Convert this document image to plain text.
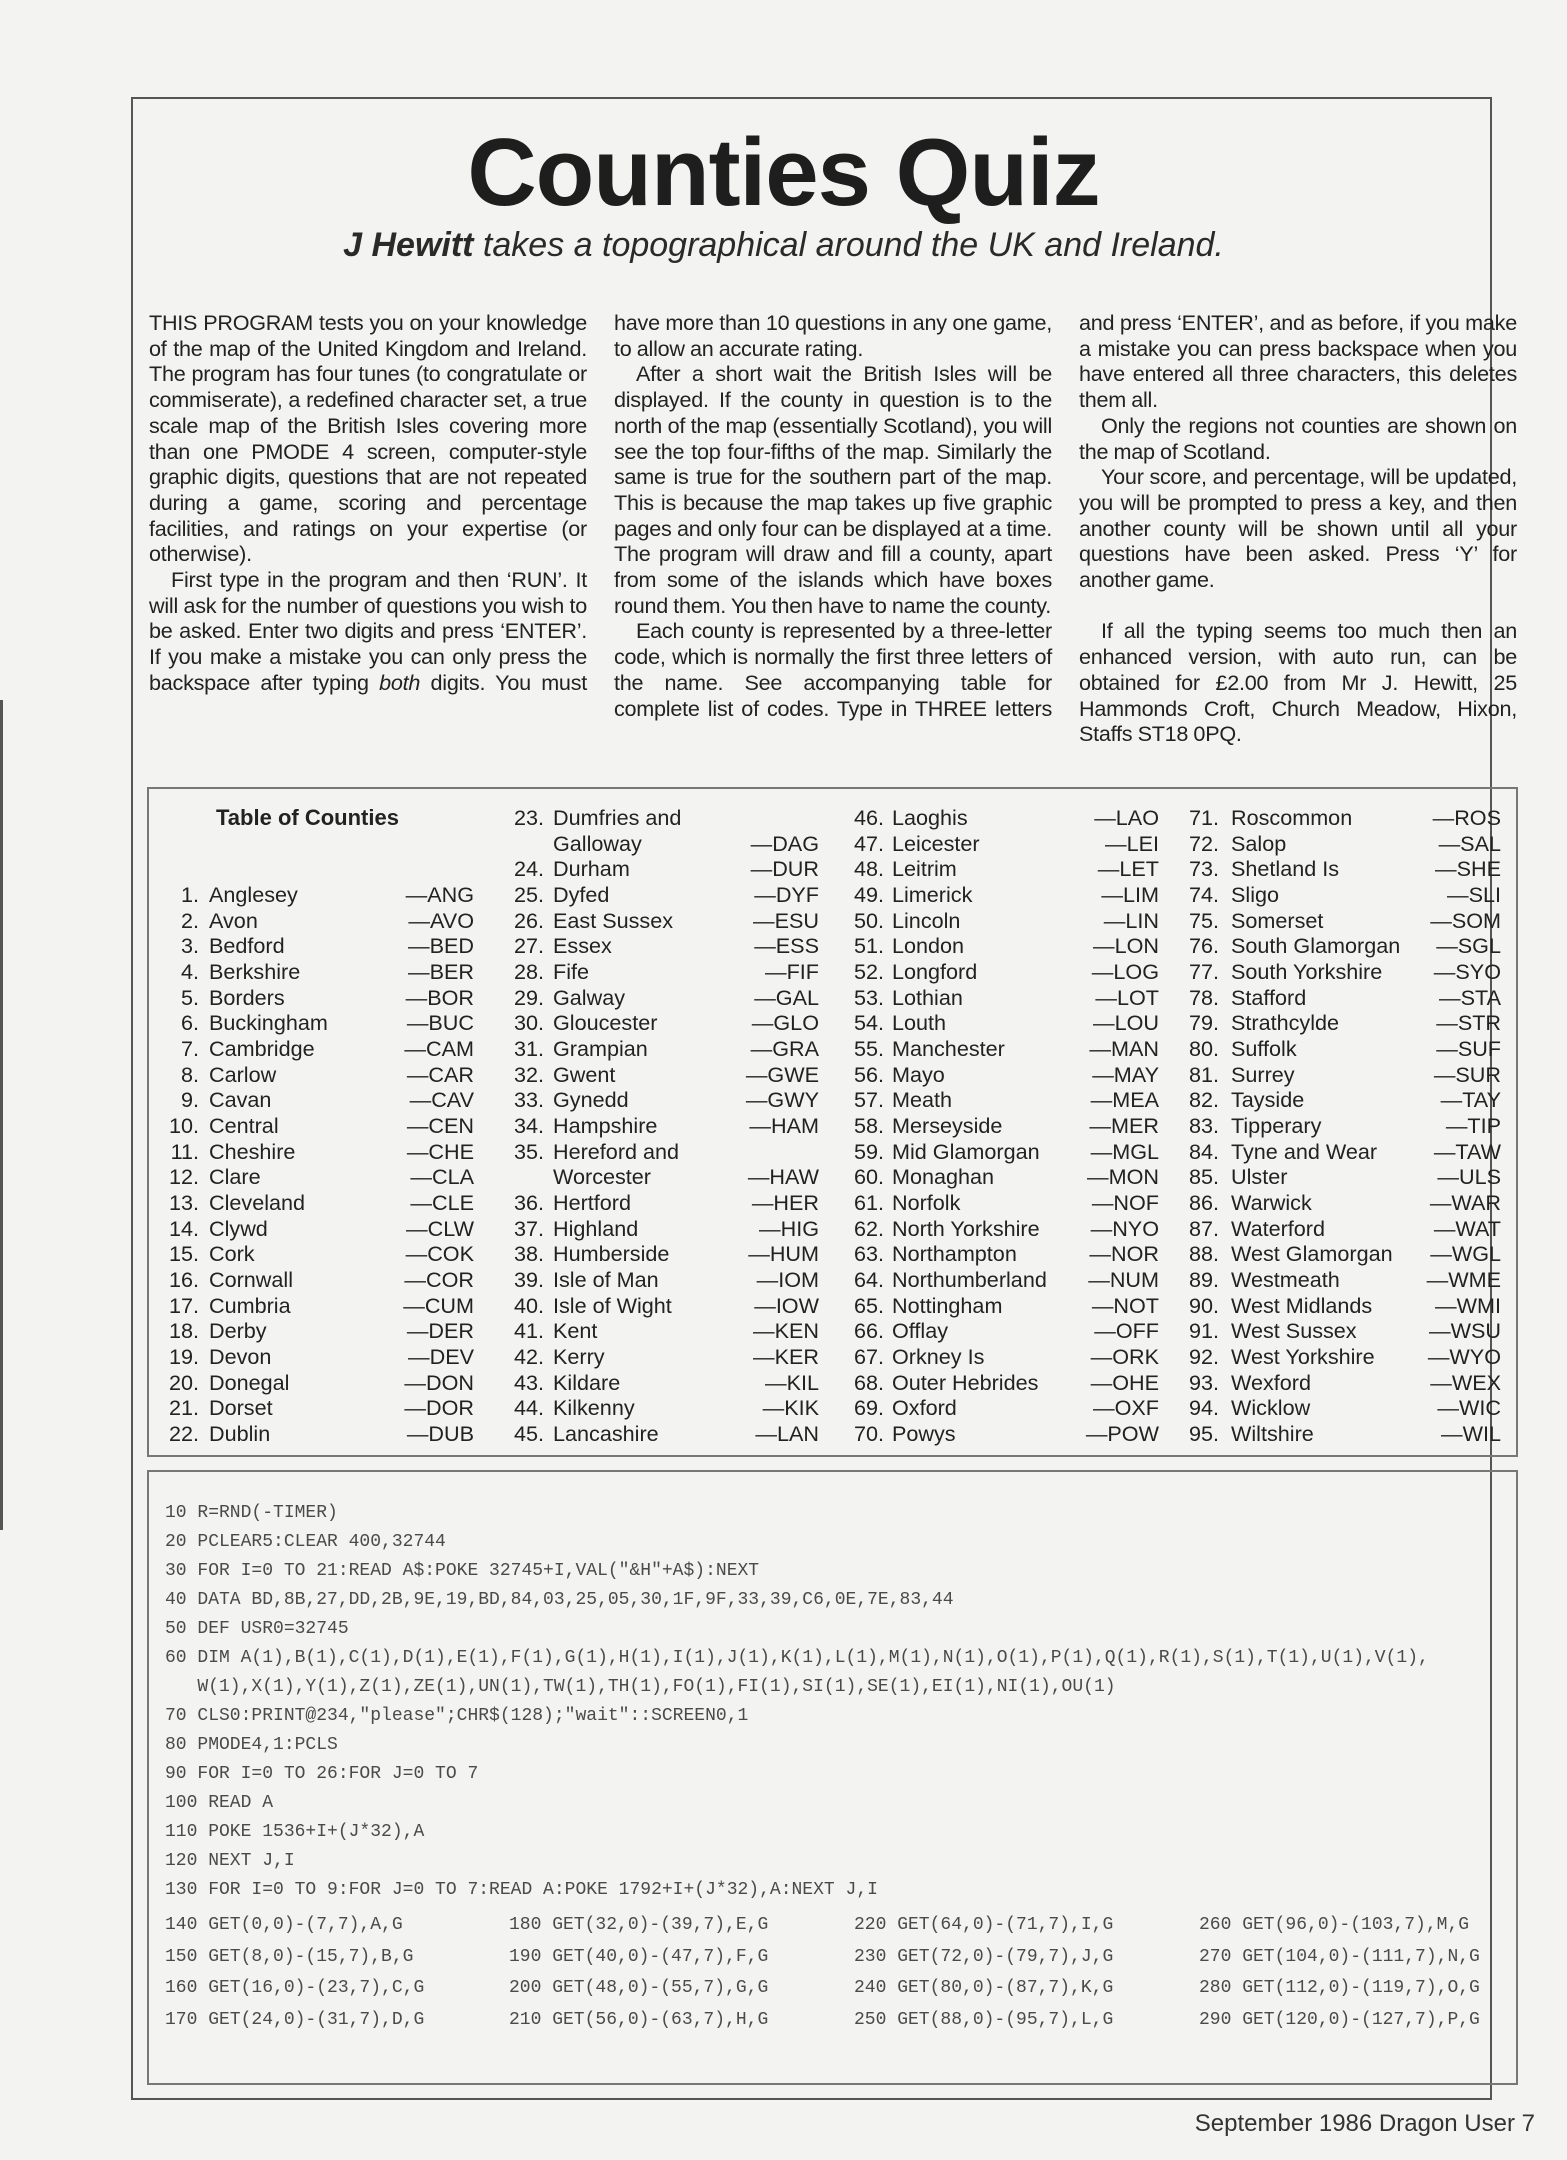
Counties Quiz
J Hewitt takes a topographical around the UK and Ireland.

THIS PROGRAM tests you on your knowledge of the map of the United Kingdom and Ireland. The program has four tunes (to congratulate or commiserate), a redefined character set, a true scale map of the British Isles covering more than one PMODE 4 screen, computer-style graphic digits, questions that are not repeated during a game, scoring and percentage facilities, and ratings on your expertise (or otherwise).

First type in the program and then ‘RUN’. It will ask for the number of questions you wish to be asked. Enter two digits and press ‘ENTER’. If you make a mistake you can only press the backspace after typing both digits. You must have more than 10 questions in any one game, to allow an accurate rating.

After a short wait the British Isles will be displayed. If the county in question is to the north of the map (essentially Scotland), you will see the top four-fifths of the map. Similarly the same is true for the southern part of the map. This is because the map takes up five graphic pages and only four can be displayed at a time. The program will draw and fill a county, apart from some of the islands which have boxes round them. You then have to name the county.

Each county is represented by a three-letter code, which is normally the first three letters of the name. See accompanying table for complete list of codes. Type in THREE letters and press ‘ENTER’, and as before, if you make a mistake you can press backspace when you have entered all three characters, this deletes them all.

Only the regions not counties are shown on the map of Scotland.

Your score, and percentage, will be updated, you will be prompted to press a key, and then another county will be shown until all your questions have been asked. Press ‘Y’ for another game.

If all the typing seems too much then an enhanced version, with auto run, can be obtained for £2.00 from Mr J. Hewitt, 25 Hammonds Croft, Church Meadow, Hixon, Staffs ST18 0PQ.

Table of Counties
1. Anglesey	—ANG
2. Avon	—AVO
3. Bedford	—BED
4. Berkshire	—BER
5. Borders	—BOR
6. Buckingham	—BUC
7. Cambridge	—CAM
8. Carlow	—CAR
9. Cavan	—CAV
10. Central	—CEN
11. Cheshire	—CHE
12. Clare	—CLA
13. Cleveland	—CLE
14. Clywd	—CLW
15. Cork	—COK
16. Cornwall	—COR
17. Cumbria	—CUM
18. Derby	—DER
19. Devon	—DEV
20. Donegal	—DON
21. Dorset	—DOR
22. Dublin	—DUB
23. Dumfries and
Galloway	—DAG
24. Durham	—DUR
25. Dyfed	—DYF
26. East Sussex	—ESU
27. Essex	—ESS
28. Fife	—FIF
29. Galway	—GAL
30. Gloucester	—GLO
31. Grampian	—GRA
32. Gwent	—GWE
33. Gynedd	—GWY
34. Hampshire	—HAM
35. Hereford and
Worcester	—HAW
36. Hertford	—HER
37. Highland	—HIG
38. Humberside	—HUM
39. Isle of Man	—IOM
40. Isle of Wight	—IOW
41. Kent	—KEN
42. Kerry	—KER
43. Kildare	—KIL
44. Kilkenny	—KIK
45. Lancashire	—LAN
46. Laoghis	—LAO
47. Leicester	—LEI
48. Leitrim	—LET
49. Limerick	—LIM
50. Lincoln	—LIN
51. London	—LON
52. Longford	—LOG
53. Lothian	—LOT
54. Louth	—LOU
55. Manchester	—MAN
56. Mayo	—MAY
57. Meath	—MEA
58. Merseyside	—MER
59. Mid Glamorgan	—MGL
60. Monaghan	—MON
61. Norfolk	—NOF
62. North Yorkshire	—NYO
63. Northampton	—NOR
64. Northumberland	—NUM
65. Nottingham	—NOT
66. Offlay	—OFF
67. Orkney Is	—ORK
68. Outer Hebrides	—OHE
69. Oxford	—OXF
70. Powys	—POW
71. Roscommon	—ROS
72. Salop	—SAL
73. Shetland Is	—SHE
74. Sligo	—SLI
75. Somerset	—SOM
76. South Glamorgan	—SGL
77. South Yorkshire	—SYO
78. Stafford	—STA
79. Strathcylde	—STR
80. Suffolk	—SUF
81. Surrey	—SUR
82. Tayside	—TAY
83. Tipperary	—TIP
84. Tyne and Wear	—TAW
85. Ulster	—ULS
86. Warwick	—WAR
87. Waterford	—WAT
88. West Glamorgan	—WGL
89. Westmeath	—WME
90. West Midlands	—WMI
91. West Sussex	—WSU
92. West Yorkshire	—WYO
93. Wexford	—WEX
94. Wicklow	—WIC
95. Wiltshire	—WIL
10 R=RND(-TIMER)
20 PCLEAR5:CLEAR 400,32744
30 FOR I=0 TO 21:READ A$:POKE 32745+I,VAL("&H"+A$):NEXT
40 DATA BD,8B,27,DD,2B,9E,19,BD,84,03,25,05,30,1F,9F,33,39,C6,0E,7E,83,44
50 DEF USR0=32745
60 DIM A(1),B(1),C(1),D(1),E(1),F(1),G(1),H(1),I(1),J(1),K(1),L(1),M(1),N(1),O(1),P(1),Q(1),R(1),S(1),T(1),U(1),V(1),
W(1),X(1),Y(1),Z(1),ZE(1),UN(1),TW(1),TH(1),FO(1),FI(1),SI(1),SE(1),EI(1),NI(1),OU(1)
70 CLS0:PRINT@234,"please";CHR$(128);"wait"::SCREEN0,1
80 PMODE4,1:PCLS
90 FOR I=0 TO 26:FOR J=0 TO 7
100 READ A
110 POKE 1536+I+(J*32),A
120 NEXT J,I
130 FOR I=0 TO 9:FOR J=0 TO 7:READ A:POKE 1792+I+(J*32),A:NEXT J,I
140 GET(0,0)-(7,7),A,G
150 GET(8,0)-(15,7),B,G
160 GET(16,0)-(23,7),C,G
170 GET(24,0)-(31,7),D,G
180 GET(32,0)-(39,7),E,G
190 GET(40,0)-(47,7),F,G
200 GET(48,0)-(55,7),G,G
210 GET(56,0)-(63,7),H,G
220 GET(64,0)-(71,7),I,G
230 GET(72,0)-(79,7),J,G
240 GET(80,0)-(87,7),K,G
250 GET(88,0)-(95,7),L,G
260 GET(96,0)-(103,7),M,G
270 GET(104,0)-(111,7),N,G
280 GET(112,0)-(119,7),O,G
290 GET(120,0)-(127,7),P,G
September 1986 Dragon User 7
